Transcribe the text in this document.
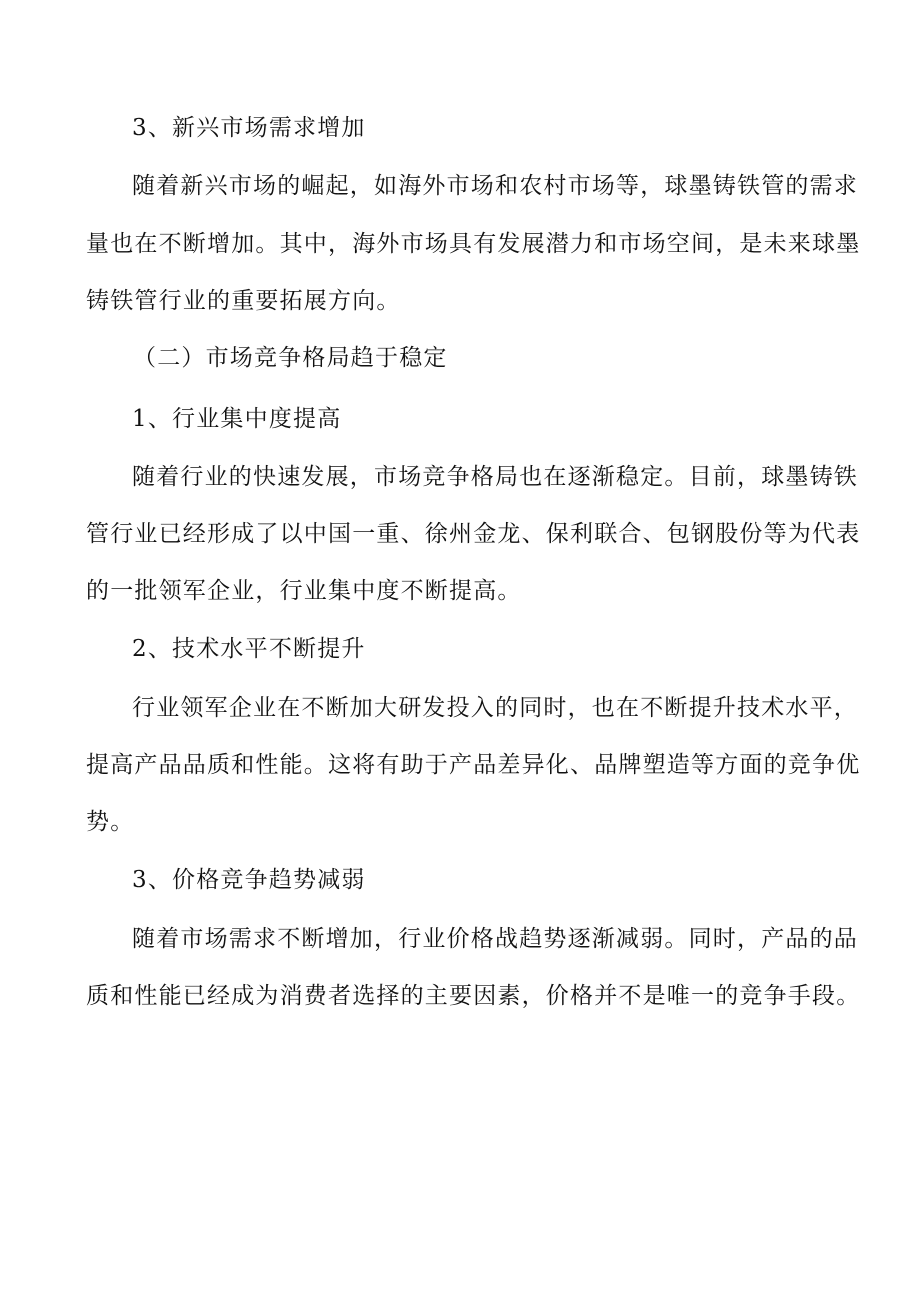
3、新兴市场需求增加
随着新兴市场的崛起，如海外市场和农村市场等，球墨铸铁管的需求
量也在不断增加。其中，海外市场具有发展潜力和市场空间，是未来球墨
铸铁管行业的重要拓展方向。
（二）市场竞争格局趋于稳定
1、行业集中度提高
随着行业的快速发展，市场竞争格局也在逐渐稳定。目前，球墨铸铁
管行业已经形成了以中国一重、徐州金龙、保利联合、包钢股份等为代表
的一批领军企业，行业集中度不断提高。
2、技术水平不断提升
行业领军企业在不断加大研发投入的同时，也在不断提升技术水平，
提高产品品质和性能。这将有助于产品差异化、品牌塑造等方面的竞争优
势。
3、价格竞争趋势减弱
随着市场需求不断增加，行业价格战趋势逐渐减弱。同时，产品的品
质和性能已经成为消费者选择的主要因素，价格并不是唯一的竞争手段。
